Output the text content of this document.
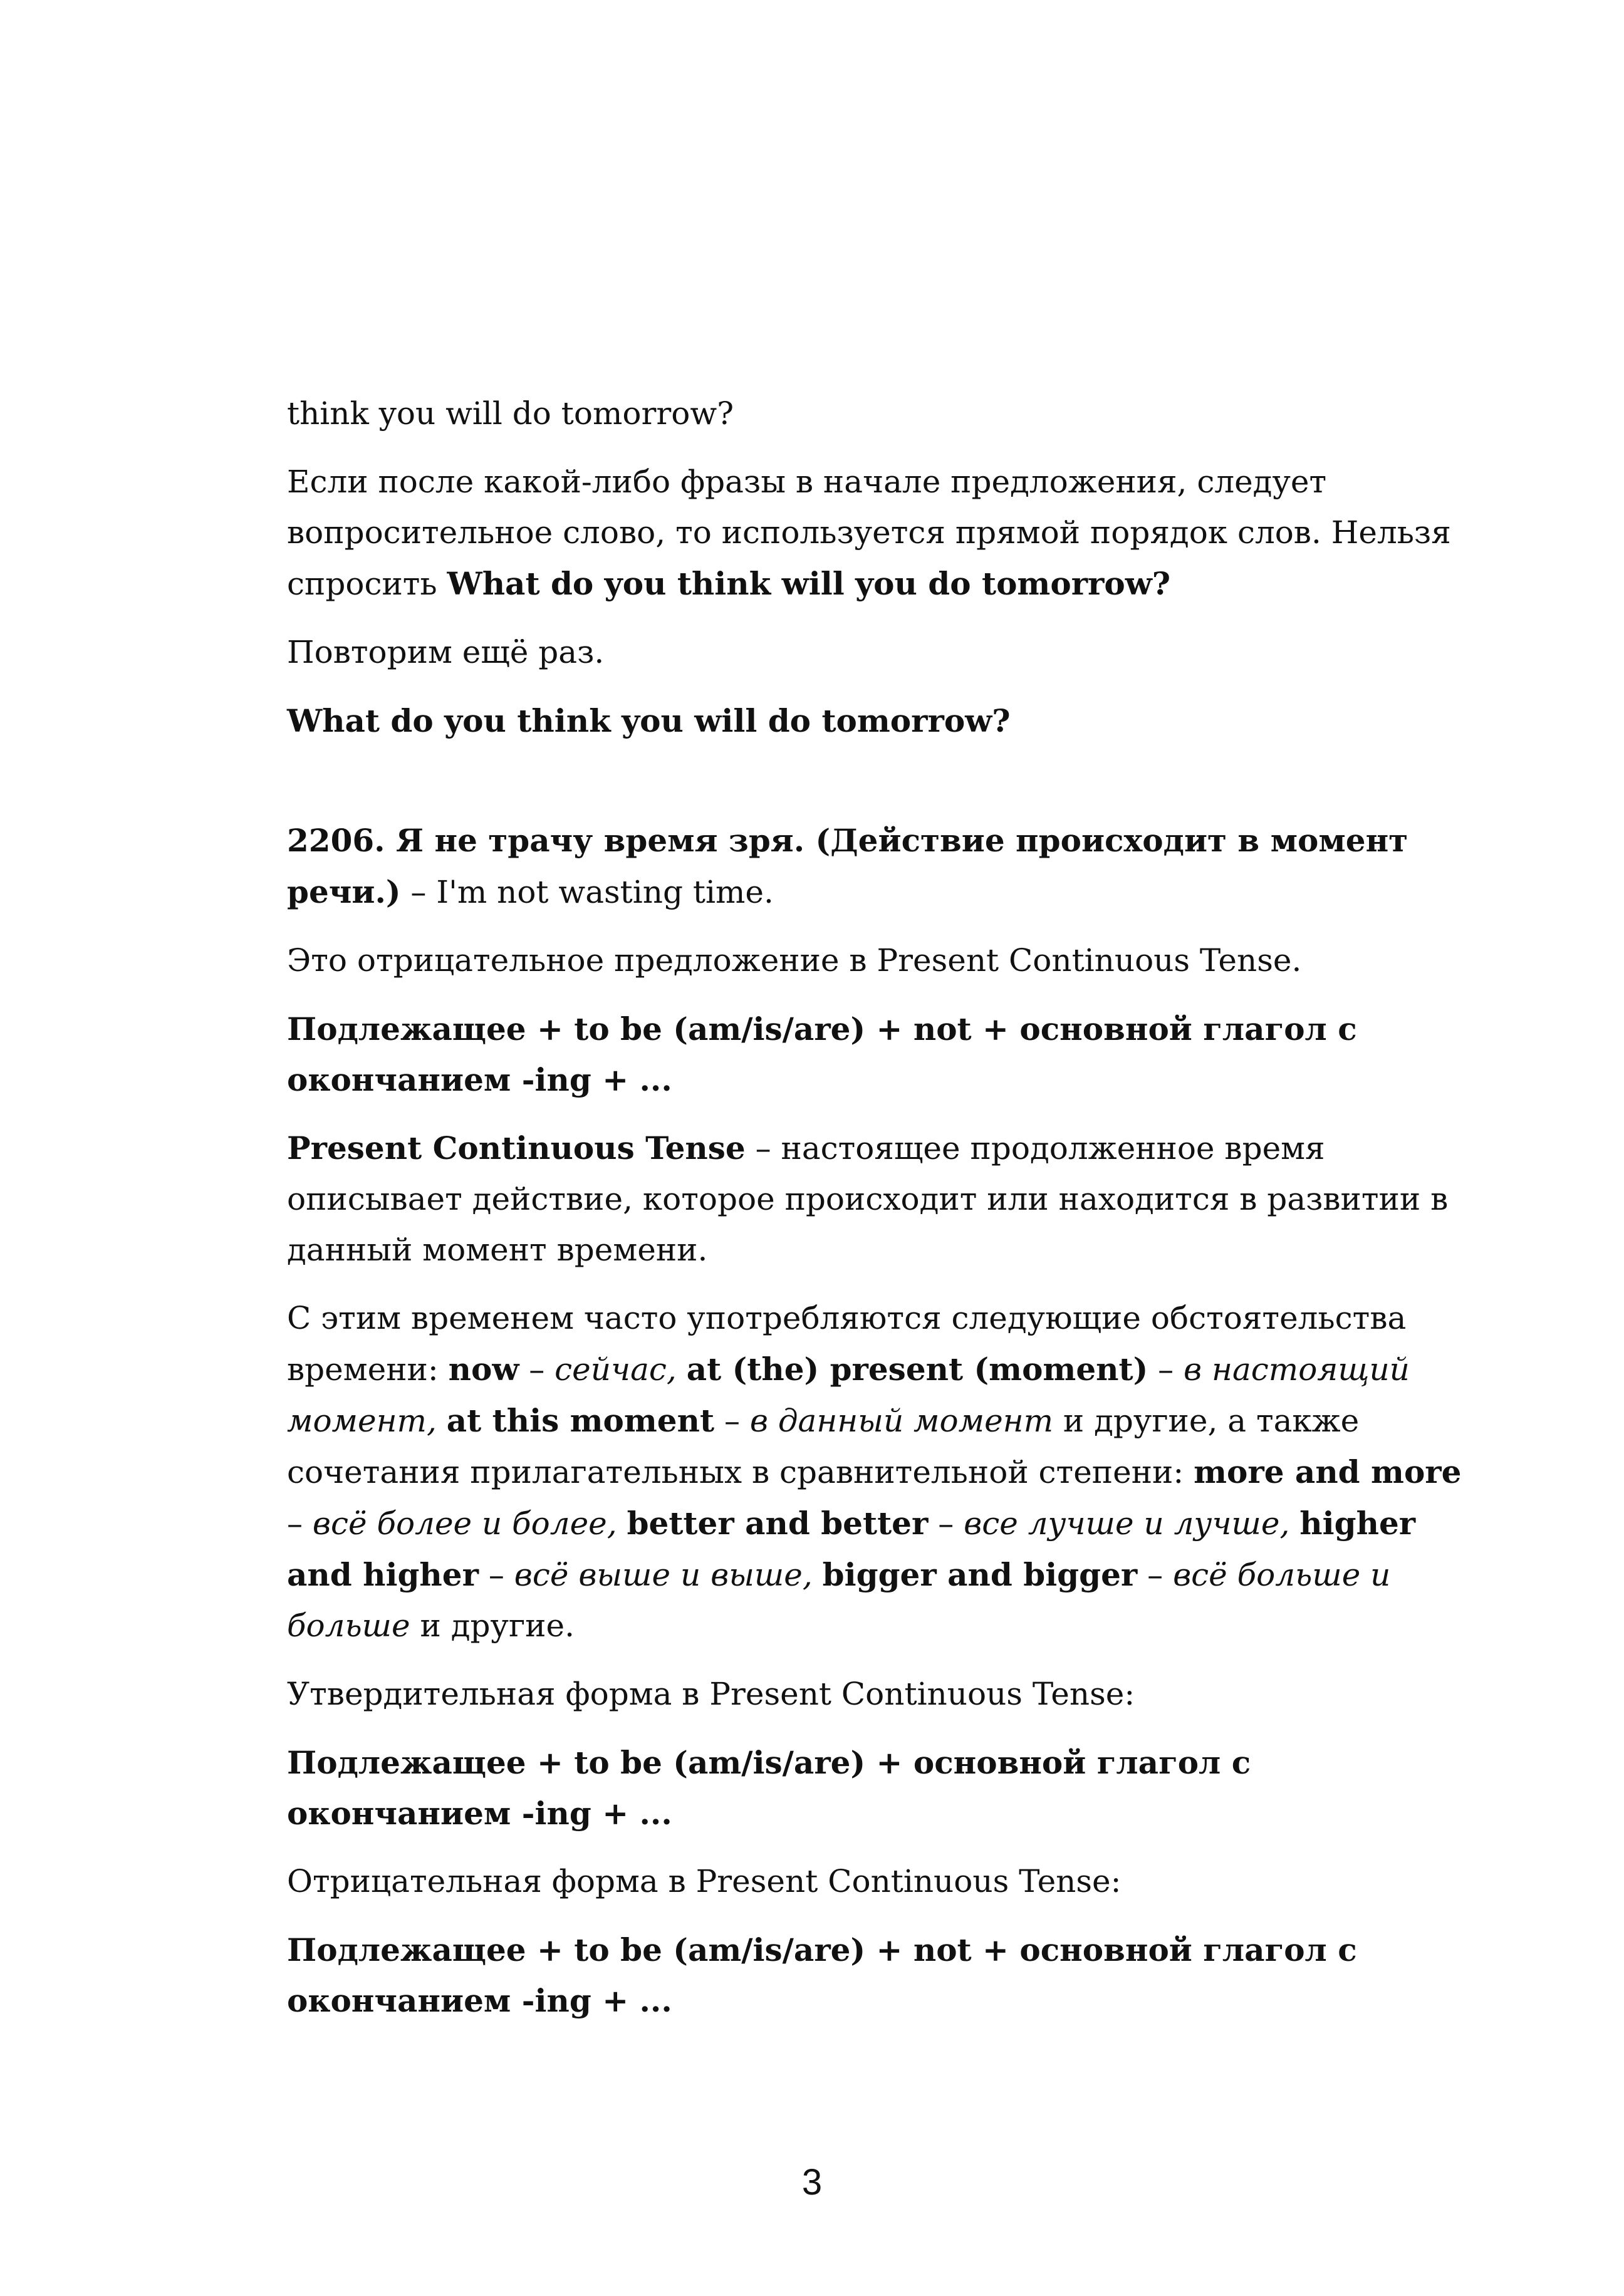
think you will do tomorrow?

Если после какой-либо фразы в начале предложения, следует вопросительное слово, то используется прямой порядок слов. Нельзя спросить What do you think will you do tomorrow?

Повторим ещё раз.

What do you think you will do tomorrow?

2206. Я не трачу время зря. (Действие происходит в момент речи.) – I'm not wasting time.

Это отрицательное предложение в Present Continuous Tense.

Подлежащее + to be (am/is/are) + not + основной глагол с окончанием -ing + ...

Present Continuous Tense – настоящее продолженное время описывает действие, которое происходит или находится в развитии в данный момент времени.

С этим временем часто употребляются следующие обстоятельства времени: now – сейчас, at (the) present (moment) – в настоящий момент, at this moment – в данный момент и другие, а также сочетания прилагательных в сравнительной степени: more and more – всё более и более, better and better – все лучше и лучше, higher and higher – всё выше и выше, bigger and bigger – всё больше и больше и другие.

Утвердительная форма в Present Continuous Tense:

Подлежащее + to be (am/is/are) + основной глагол с окончанием -ing + ...

Отрицательная форма в Present Continuous Tense:

Подлежащее + to be (am/is/are) + not + основной глагол с окончанием -ing + ...

3
